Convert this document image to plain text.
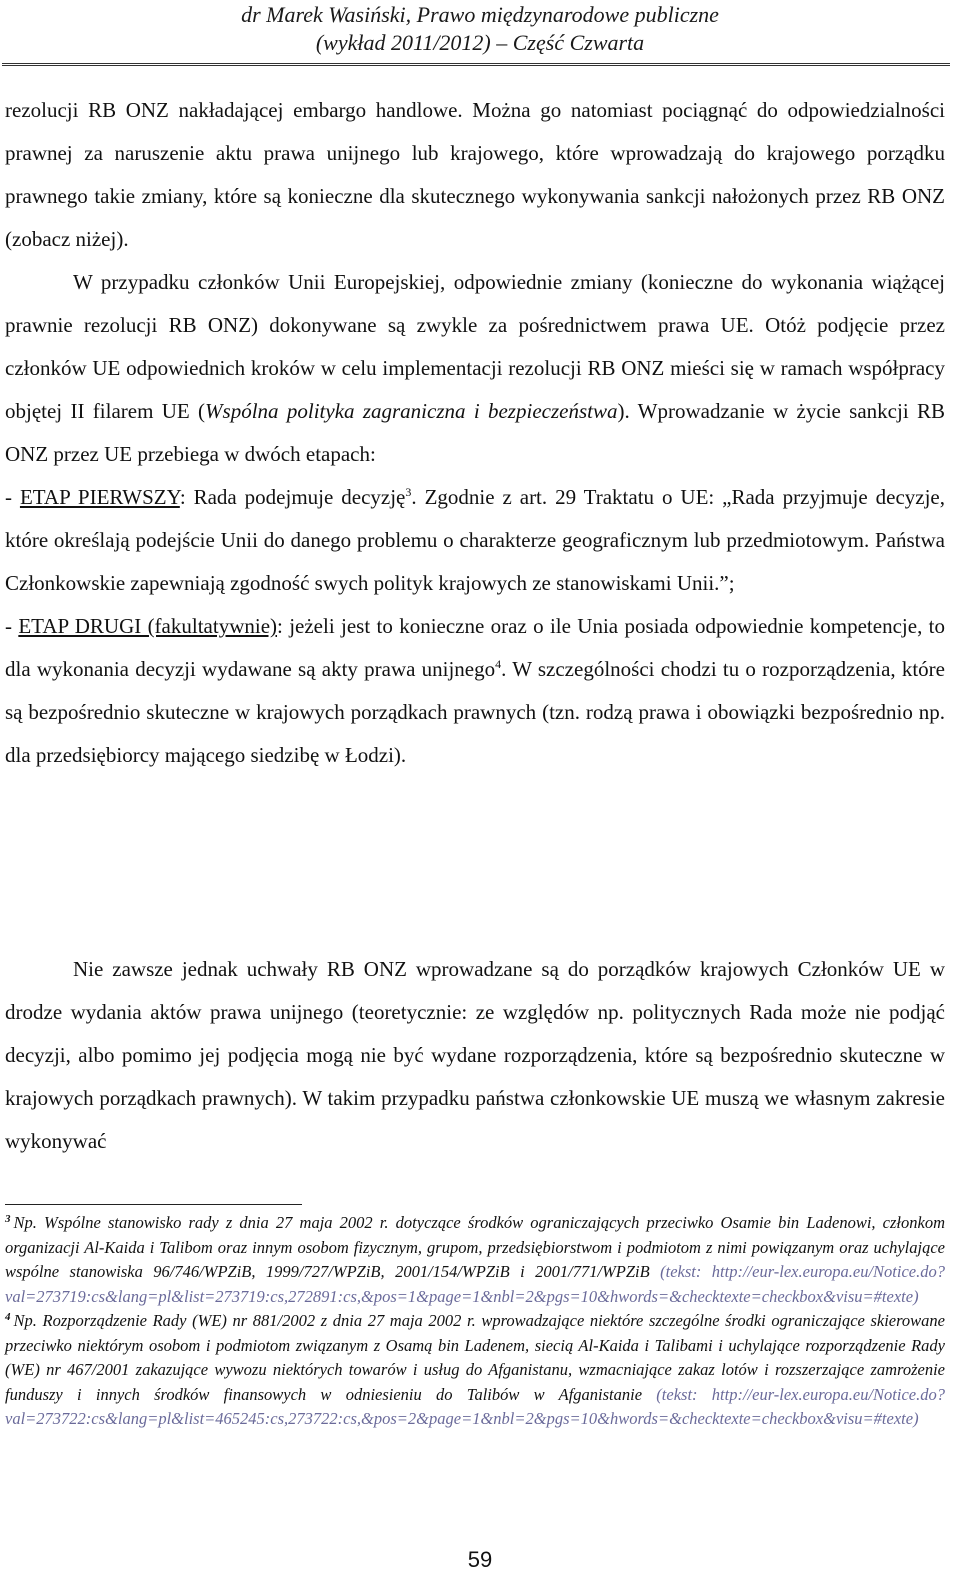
dr Marek Wasiński, Prawo międzynarodowe publiczne
(wykład 2011/2012) – Część Czwarta

rezolucji RB ONZ nakładającej embargo handlowe. Można go natomiast pociągnąć do odpowiedzialności prawnej za naruszenie aktu prawa unijnego lub krajowego, które wprowadzają do krajowego porządku prawnego takie zmiany, które są konieczne dla skutecznego wykonywania sankcji nałożonych przez RB ONZ (zobacz niżej).

W przypadku członków Unii Europejskiej, odpowiednie zmiany (konieczne do wykonania wiążącej prawnie rezolucji RB ONZ) dokonywane są zwykle za pośrednictwem prawa UE. Otóż podjęcie przez członków UE odpowiednich kroków w celu implementacji rezolucji RB ONZ mieści się w ramach współpracy objętej II filarem UE (Wspólna polityka zagraniczna i bezpieczeństwa). Wprowadzanie w życie sankcji RB ONZ przez UE przebiega w dwóch etapach:

- ETAP PIERWSZY: Rada podejmuje decyzję$^3$. Zgodnie z art. 29 Traktatu o UE: „Rada przyjmuje decyzje, które określają podejście Unii do danego problemu o charakterze geograficznym lub przedmiotowym. Państwa Członkowskie zapewniają zgodność swych polityk krajowych ze stanowiskami Unii.”;

- ETAP DRUGI (fakultatywnie): jeżeli jest to konieczne oraz o ile Unia posiada odpowiednie kompetencje, to dla wykonania decyzji wydawane są akty prawa unijnego$^4$. W szczególności chodzi tu o rozporządzenia, które są bezpośrednio skuteczne w krajowych porządkach prawnych (tzn. rodzą prawa i obowiązki bezpośrednio np. dla przedsiębiorcy mającego siedzibę w Łodzi).

Nie zawsze jednak uchwały RB ONZ wprowadzane są do porządków krajowych Członków UE w drodze wydania aktów prawa unijnego (teoretycznie: ze względów np. politycznych Rada może nie podjąć decyzji, albo pomimo jej podjęcia mogą nie być wydane rozporządzenia, które są bezpośrednio skuteczne w krajowych porządkach prawnych). W takim przypadku państwa członkowskie UE muszą we własnym zakresie wykonywać

$^3$ Np. Wspólne stanowisko rady z dnia 27 maja 2002 r. dotyczące środków ograniczających przeciwko Osamie bin Ladenowi, członkom organizacji Al-Kaida i Talibom oraz innym osobom fizycznym, grupom, przedsiębiorstwom i podmiotom z nimi powiązanym oraz uchylające wspólne stanowiska 96/746/WPZiB, 1999/727/WPZiB, 2001/154/WPZiB i 2001/771/WPZiB (tekst: http://eur-lex.europa.eu/Notice.do?val=273719:cs&lang=pl&list=273719:cs,272891:cs,&pos=1&page=1&nbl=2&pgs=10&hwords=&checktexte=checkbox&visu=#texte)

$^4$ Np. Rozporządzenie Rady (WE) nr 881/2002 z dnia 27 maja 2002 r. wprowadzające niektóre szczególne środki ograniczające skierowane przeciwko niektórym osobom i podmiotom związanym z Osamą bin Ladenem, siecią Al-Kaida i Talibami i uchylające rozporządzenie Rady (WE) nr 467/2001 zakazujące wywozu niektórych towarów i usług do Afganistanu, wzmacniające zakaz lotów i rozszerzające zamrożenie funduszy i innych środków finansowych w odniesieniu do Talibów w Afganistanie (tekst: http://eur-lex.europa.eu/Notice.do?val=273722:cs&lang=pl&list=465245:cs,273722:cs,&pos=2&page=1&nbl=2&pgs=10&hwords=&checktexte=checkbox&visu=#texte)

59
